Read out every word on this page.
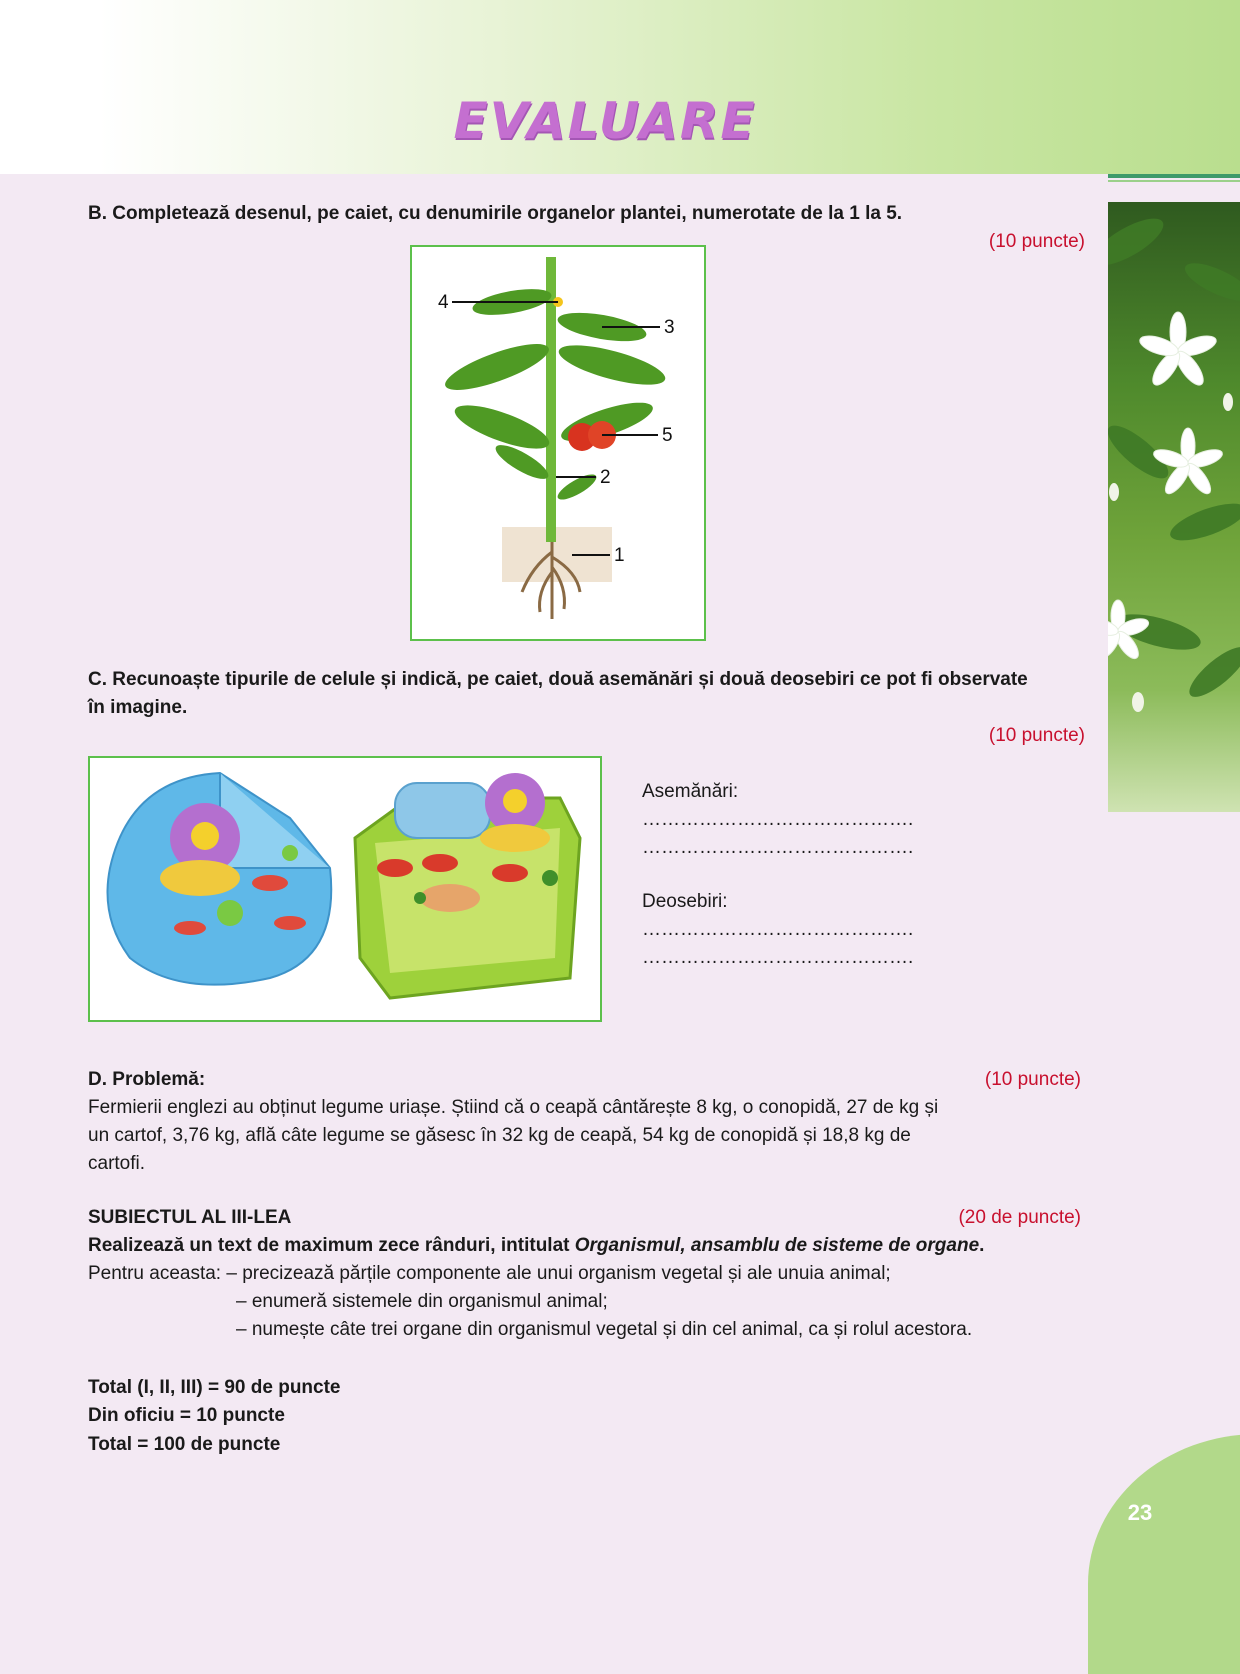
EVALUARE
B. Completează desenul, pe caiet, cu denumirile organelor plantei, numerotate de la 1 la 5.
(10 puncte)
4
3
5
2
1
C. Recunoaște tipurile de celule și indică, pe caiet, două asemănări și două deosebiri ce pot fi observate
în imagine.
(10 puncte)
Asemănări:
…………………………………….
…………………………………….
Deosebiri:
…………………………………….
…………………………………….
D. Problemă:	(10 puncte)
Fermierii englezi au obținut legume uriașe. Știind că o ceapă cântărește 8 kg, o conopidă, 27 de kg și
un cartof, 3,76 kg, află câte legume se găsesc în 32 kg de ceapă, 54 kg de conopidă și 18,8 kg de
cartofi.
SUBIECTUL AL III-LEA	(20 de puncte)
Realizează un text de maximum zece rânduri, intitulat Organismul, ansamblu de sisteme de organe.
Pentru aceasta: – precizează părțile componente ale unui organism vegetal și ale unuia animal;
– enumeră sistemele din organismul animal;
– numește câte trei organe din organismul vegetal și din cel animal, ca și rolul acestora.
Total (I, II, III) = 90 de puncte
Din oficiu = 10 puncte
Total = 100 de puncte
23
